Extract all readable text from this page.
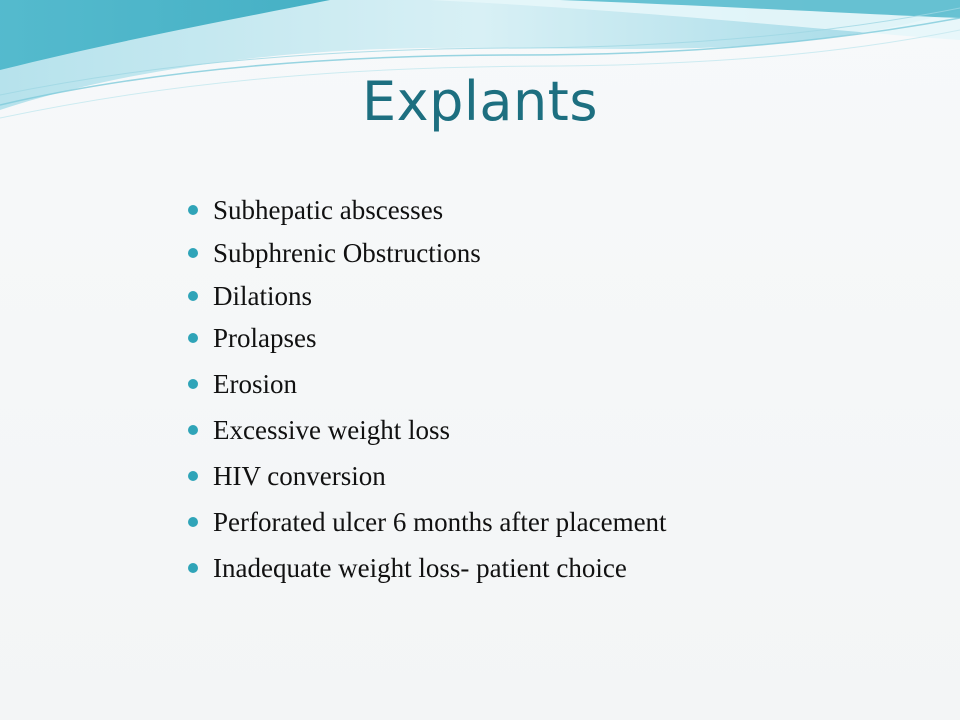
Explants
Subhepatic abscesses
Subphrenic Obstructions
Dilations
Prolapses
Erosion
Excessive weight loss
HIV conversion
Perforated ulcer 6 months after placement
Inadequate weight loss- patient choice
